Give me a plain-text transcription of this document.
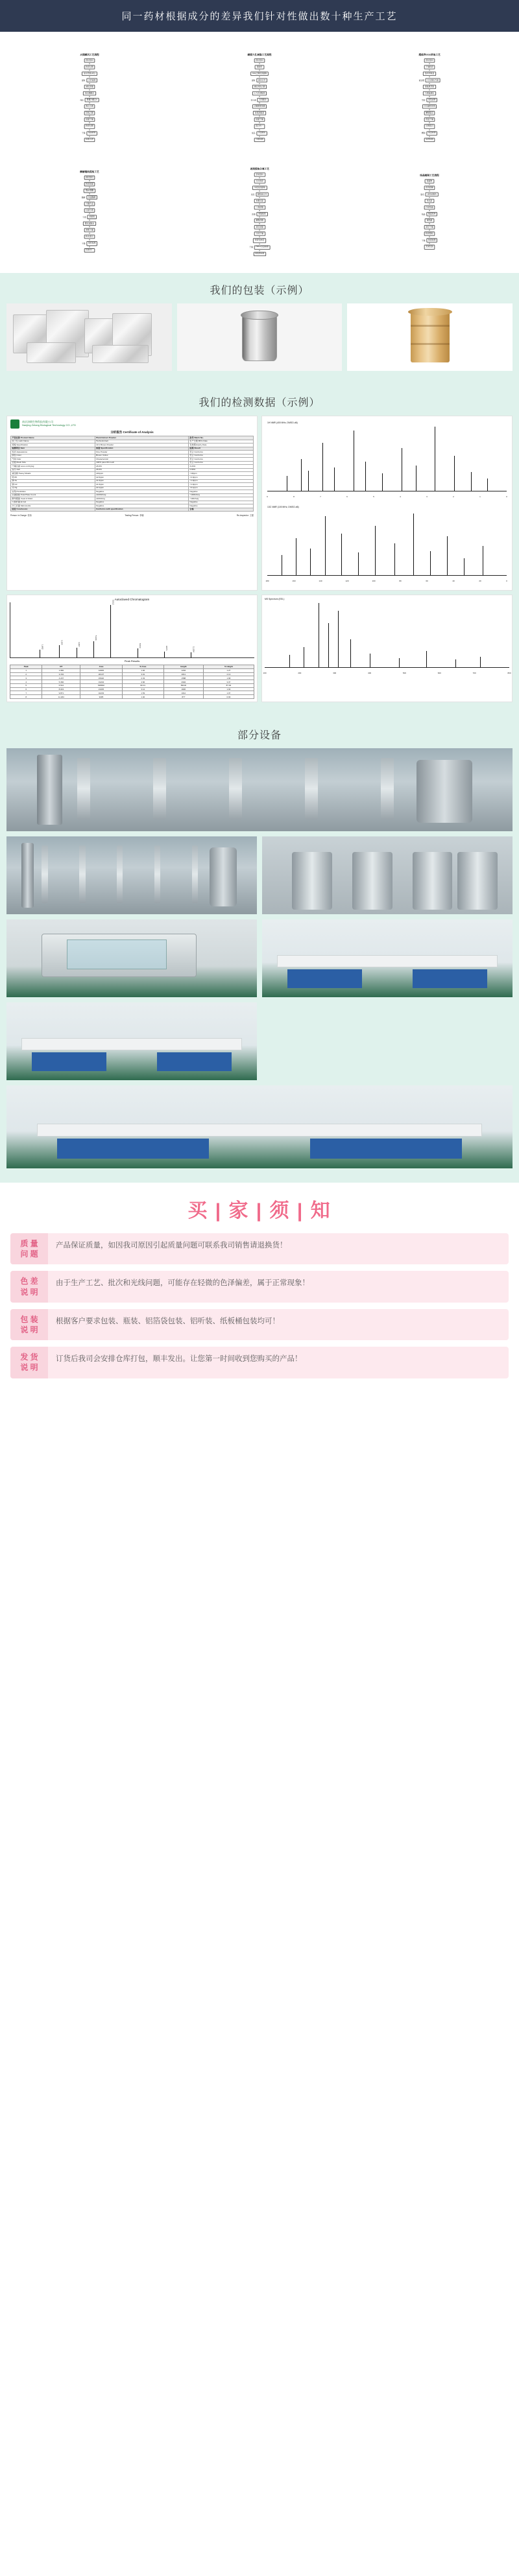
同一药材根据成分的差异我们针对性做出数十种生产工艺
水提醇沉工艺流程
药材原料
粉碎过筛
加水煎煮(3次)
提取	合并滤液
减压浓缩
加乙醇醇沉
纯化	静置冷藏12h
离心分离
回收乙醇
浓缩干燥
粉碎过筛
干燥	成品检验
包装入库
醇提大孔树脂工艺流程
药材原料
粗粉碎
70%乙醇回流提取
提取	滤过合并
减压回收乙醇
上大孔树脂柱
柱分离	水洗除杂
乙醇梯度洗脱
收集洗脱液
浓缩干燥
混合均一
成品	含量测定
分装包装
超临界CO2萃取工艺
药材原料
干燥粉碎
装料萃取釜
前处理	CO2加压升温
超临界萃取
分离釜减压
萃取	收集浸膏
CO2循环回用
精制除杂
低温干燥
过筛混合
精制	质量检测
密封包装
酶解辅助提取工艺
药材原料
粉碎润湿
调pH加酶
酶解	恒温酶解
灭酶升温
过滤分离
分离	浓缩液
膜过滤除杂
喷雾干燥
粉末混合
干燥	取样检测
包装出厂
逆流提取分离工艺
药材原料
切片粉碎
多级逆流提取
逆流	提取液合并
板框过滤
三效浓缩
浓缩	树脂吸附
解吸洗脱
真空浓缩
冷冻干燥
粉碎过80目
干燥	HPLC含量检测
铝箔袋包装
结晶精制工艺流程
粗提物
溶剂溶解
脱色	活性炭脱色
热过滤
冷却结晶
结晶	抽滤洗涤
重结晶
真空干燥
粉碎整粒
干燥	纯度检测
充氮包装
我们的包装（示例）
我们的检测数据（示例）
南京泽朗生物科技有限公司
Nanjing Zelang Biological Technology CO.,LTD
分析报告 Certificate of Analysis
产品名称 Product Name	Plant Extract Powder	批号 Batch No.
拉丁名 Latin Name	Herba Extract	生产日期 MFG Date
规格 Specification	10:1 Brown Powder	有效期 Expiry Date
检测项目 Item	标准 Specification	结果 Result
性状 Appearance	Fine Powder	符合 Conforms
颜色 Color	Brown Yellow	符合 Conforms
气味 Odor	Characteristic	符合 Conforms
目数 Mesh Size	100% pass 80 mesh	符合 Conforms
干燥失重 Loss on Drying	≤5.0%	3.21%
灰分 Ash	≤5.0%	2.84%
重金属 Heavy Metals	≤10ppm	<10ppm
铅 Pb	≤2.0ppm	<2.0ppm
砷 As	≤1.0ppm	<1.0ppm
镉 Cd	≤1.0ppm	<1.0ppm
汞 Hg	≤0.1ppm	<0.1ppm
农残 Pesticides	Negative	Negative
总菌落数 Total Plate Count	≤1000cfu/g	<1000cfu/g
酵母霉菌 Yeast & Mold	≤100cfu/g	<100cfu/g
大肠杆菌 E.Coli	Negative	Negative
沙门氏菌 Salmonella	Negative	Negative
结论 Conclusion	Conforms with specification	合格
Person in Charge: 张伟	Testing Person: 李娜	Re-inspector: 王强
1H NMR (400 MHz, DMSO-d6)
9	8	7	6	5	4	3	2	1	0
13C NMR (100 MHz, DMSO-d6)
180	160	140	120	100	80	60	40	20	0
Autoclaved Chromatogram
1.982
3.154	4.207
5.366
6.512
8.043
9.871	11.204
Peak Results
Peak	RT	Area	% Area	Height	% Height
1	1.982	12845	1.92	1204	1.27
2	3.154	20137	3.01	2011	2.13
3	4.207	15620	2.33	1588	1.68
4	5.366	31204	4.66	2904	3.07
5	6.512	548902	82.01	83102	87.94
6	8.043	21045	3.14	1820	1.93
7	9.871	10233	1.53	1012	1.07
8	11.204	9405	1.40	877	0.93
MS Spectrum (ESI-)
100	200	300	400	500	600	700	800
部分设备
买 | 家 | 须 | 知
质 量
问 题
产品保证质量，如因我司原因引起质量问题可联系我司销售请退换货！
色 差
说 明
由于生产工艺、批次和光线问题，可能存在轻微的色泽偏差，属于正常现象！
包 装
说 明
根据客户要求包装、瓶装、铝箔袋包装、铝听装、纸板桶包装均可！
发 货
说 明
订货后我司会安排仓库打包，顺丰发出。让您第一时间收到您购买的产品！
